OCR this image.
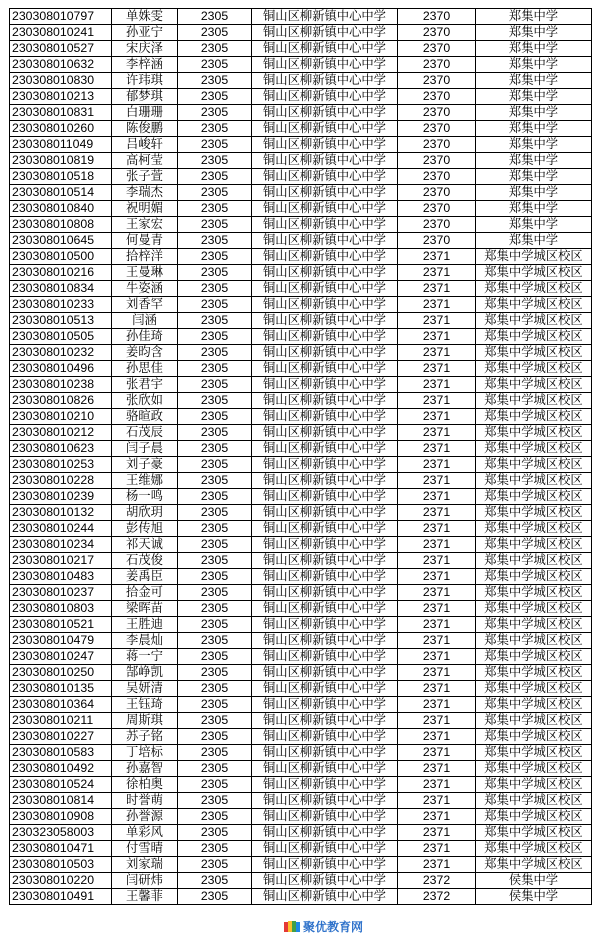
230308010797	单姝雯	2305	铜山区柳新镇中心中学	2370	郑集中学
230308010241	孙亚宁	2305	铜山区柳新镇中心中学	2370	郑集中学
230308010527	宋庆泽	2305	铜山区柳新镇中心中学	2370	郑集中学
230308010632	李梓涵	2305	铜山区柳新镇中心中学	2370	郑集中学
230308010830	许玮琪	2305	铜山区柳新镇中心中学	2370	郑集中学
230308010213	郁梦琪	2305	铜山区柳新镇中心中学	2370	郑集中学
230308010831	白珊珊	2305	铜山区柳新镇中心中学	2370	郑集中学
230308010260	陈俊鹏	2305	铜山区柳新镇中心中学	2370	郑集中学
230308011049	吕峻轩	2305	铜山区柳新镇中心中学	2370	郑集中学
230308010819	高柯莹	2305	铜山区柳新镇中心中学	2370	郑集中学
230308010518	张子萱	2305	铜山区柳新镇中心中学	2370	郑集中学
230308010514	李瑞杰	2305	铜山区柳新镇中心中学	2370	郑集中学
230308010840	祝明媚	2305	铜山区柳新镇中心中学	2370	郑集中学
230308010808	王家宏	2305	铜山区柳新镇中心中学	2370	郑集中学
230308010645	何曼青	2305	铜山区柳新镇中心中学	2370	郑集中学
230308010500	拾梓洋	2305	铜山区柳新镇中心中学	2371	郑集中学城区校区
230308010216	王曼琳	2305	铜山区柳新镇中心中学	2371	郑集中学城区校区
230308010834	牛姿涵	2305	铜山区柳新镇中心中学	2371	郑集中学城区校区
230308010233	刘香罕	2305	铜山区柳新镇中心中学	2371	郑集中学城区校区
230308010513	闫涵	2305	铜山区柳新镇中心中学	2371	郑集中学城区校区
230308010505	孙佳琦	2305	铜山区柳新镇中心中学	2371	郑集中学城区校区
230308010232	姜昀含	2305	铜山区柳新镇中心中学	2371	郑集中学城区校区
230308010496	孙思佳	2305	铜山区柳新镇中心中学	2371	郑集中学城区校区
230308010238	张君宇	2305	铜山区柳新镇中心中学	2371	郑集中学城区校区
230308010826	张欣如	2305	铜山区柳新镇中心中学	2371	郑集中学城区校区
230308010210	骆暄政	2305	铜山区柳新镇中心中学	2371	郑集中学城区校区
230308010212	石茂辰	2305	铜山区柳新镇中心中学	2371	郑集中学城区校区
230308010623	闫子晨	2305	铜山区柳新镇中心中学	2371	郑集中学城区校区
230308010253	刘子豪	2305	铜山区柳新镇中心中学	2371	郑集中学城区校区
230308010228	王维娜	2305	铜山区柳新镇中心中学	2371	郑集中学城区校区
230308010239	杨一鸣	2305	铜山区柳新镇中心中学	2371	郑集中学城区校区
230308010132	胡欣玥	2305	铜山区柳新镇中心中学	2371	郑集中学城区校区
230308010244	彭传旭	2305	铜山区柳新镇中心中学	2371	郑集中学城区校区
230308010234	祁天诚	2305	铜山区柳新镇中心中学	2371	郑集中学城区校区
230308010217	石茂俊	2305	铜山区柳新镇中心中学	2371	郑集中学城区校区
230308010483	姜禹臣	2305	铜山区柳新镇中心中学	2371	郑集中学城区校区
230308010237	拾金可	2305	铜山区柳新镇中心中学	2371	郑集中学城区校区
230308010803	梁晖苗	2305	铜山区柳新镇中心中学	2371	郑集中学城区校区
230308010521	王胜迪	2305	铜山区柳新镇中心中学	2371	郑集中学城区校区
230308010479	李晨灿	2305	铜山区柳新镇中心中学	2371	郑集中学城区校区
230308010247	蒋一宁	2305	铜山区柳新镇中心中学	2371	郑集中学城区校区
230308010250	郜峥凯	2305	铜山区柳新镇中心中学	2371	郑集中学城区校区
230308010135	吴妍清	2305	铜山区柳新镇中心中学	2371	郑集中学城区校区
230308010364	王钰琦	2305	铜山区柳新镇中心中学	2371	郑集中学城区校区
230308010211	周斯琪	2305	铜山区柳新镇中心中学	2371	郑集中学城区校区
230308010227	苏子铭	2305	铜山区柳新镇中心中学	2371	郑集中学城区校区
230308010583	丁培标	2305	铜山区柳新镇中心中学	2371	郑集中学城区校区
230308010492	孙嘉智	2305	铜山区柳新镇中心中学	2371	郑集中学城区校区
230308010524	徐柏奥	2305	铜山区柳新镇中心中学	2371	郑集中学城区校区
230308010814	时誉萌	2305	铜山区柳新镇中心中学	2371	郑集中学城区校区
230308010908	孙誉源	2305	铜山区柳新镇中心中学	2371	郑集中学城区校区
230323058003	单彩风	2305	铜山区柳新镇中心中学	2371	郑集中学城区校区
230308010471	付雪晴	2305	铜山区柳新镇中心中学	2371	郑集中学城区校区
230308010503	刘家瑞	2305	铜山区柳新镇中心中学	2371	郑集中学城区校区
230308010220	闫研炜	2305	铜山区柳新镇中心中学	2372	侯集中学
230308010491	王馨菲	2305	铜山区柳新镇中心中学	2372	侯集中学
聚优教育网
